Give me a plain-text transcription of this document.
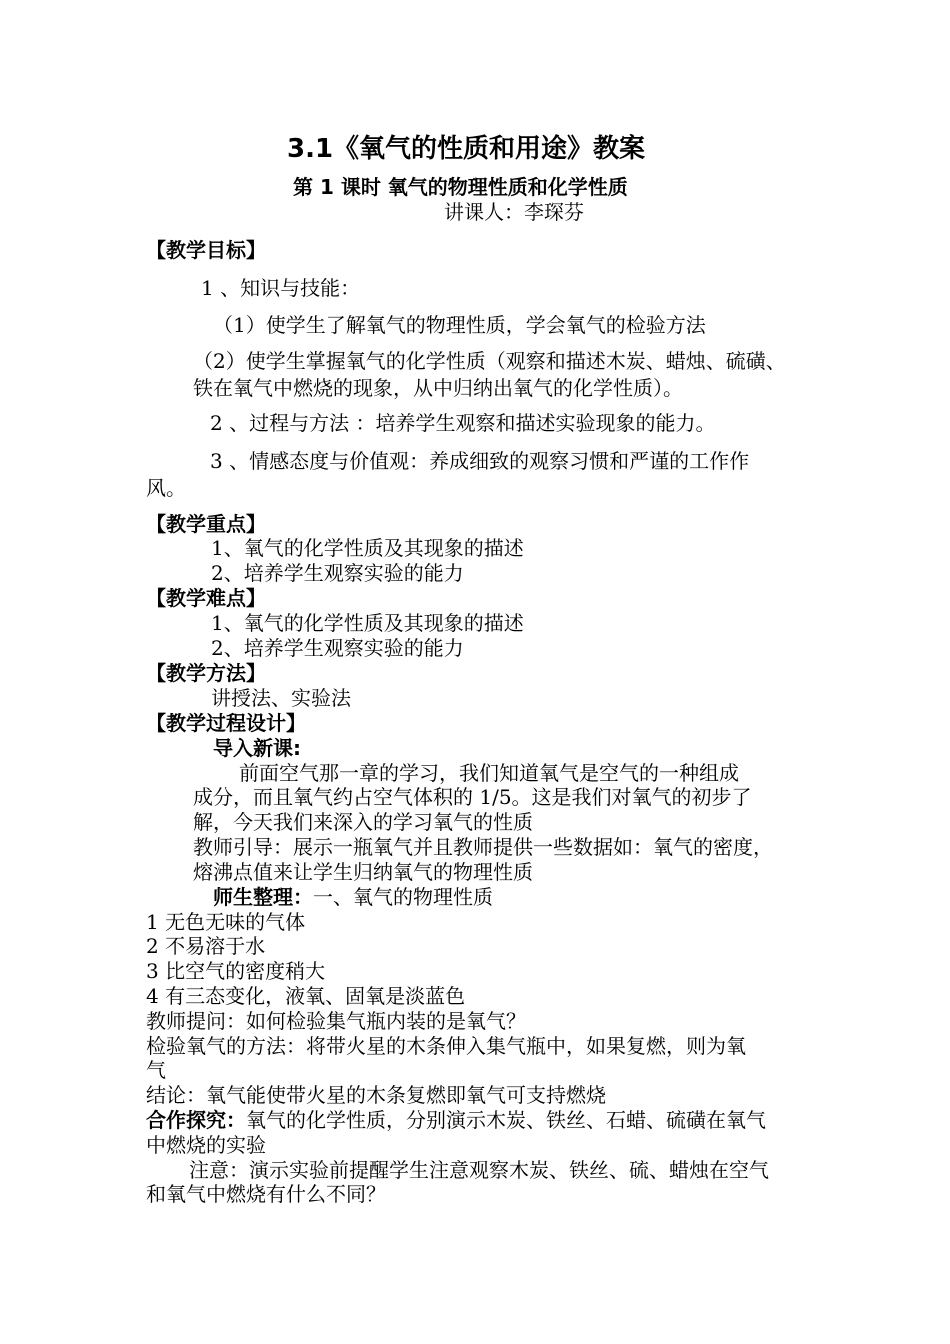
3.1《氧气的性质和用途》教案
第 1 课时 氧气的物理性质和化学性质
讲课人：李琛芬
【教学目标】
1 、知识与技能：
（1）使学生了解氧气的物理性质，学会氧气的检验方法
（2）使学生掌握氧气的化学性质（观察和描述木炭、蜡烛、硫磺、
铁在氧气中燃烧的现象，从中归纳出氧气的化学性质）。
2 、过程与方法 ：培养学生观察和描述实验现象的能力。
3 、情感态度与价值观：养成细致的观察习惯和严谨的工作作
风。
【教学重点】
1、氧气的化学性质及其现象的描述
2、培养学生观察实验的能力
【教学难点】
1、氧气的化学性质及其现象的描述
2、培养学生观察实验的能力
【教学方法】
讲授法、实验法
【教学过程设计】
导入新课:
前面空气那一章的学习，我们知道氧气是空气的一种组成
成分，而且氧气约占空气体积的 1/5。这是我们对氧气的初步了
解，今天我们来深入的学习氧气的性质
教师引导：展示一瓶氧气并且教师提供一些数据如：氧气的密度，
熔沸点值来让学生归纳氧气的物理性质
师生整理：一、氧气的物理性质
1 无色无味的气体
2 不易溶于水
3 比空气的密度稍大
4 有三态变化，液氧、固氧是淡蓝色
教师提问：如何检验集气瓶内装的是氧气？
检验氧气的方法：将带火星的木条伸入集气瓶中，如果复燃，则为氧
气
结论：氧气能使带火星的木条复燃即氧气可支持燃烧
合作探究：氧气的化学性质，分别演示木炭、铁丝、石蜡、硫磺在氧气
中燃烧的实验
注意：演示实验前提醒学生注意观察木炭、铁丝、硫、蜡烛在空气
和氧气中燃烧有什么不同？
